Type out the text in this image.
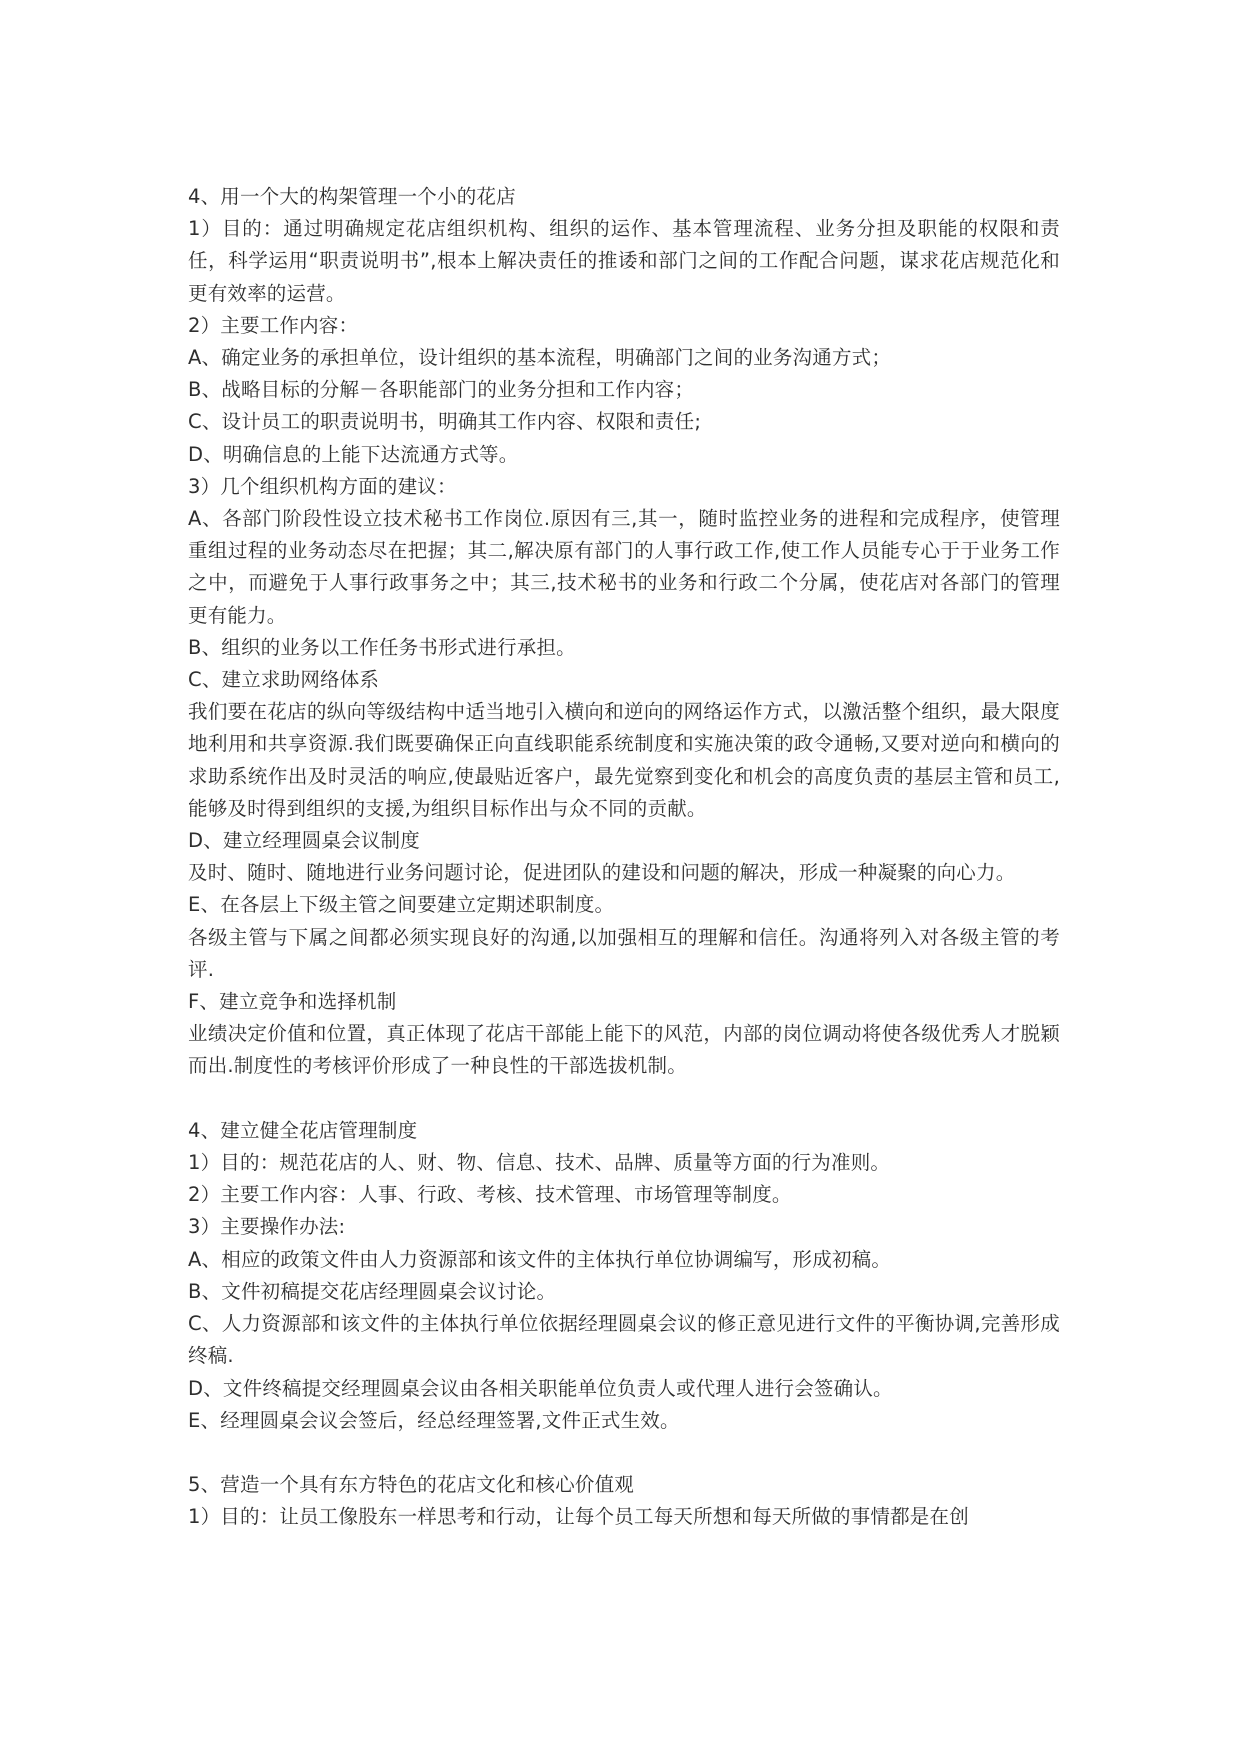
4、用一个大的构架管理一个小的花店

1）目的：通过明确规定花店组织机构、组织的运作、基本管理流程、业务分担及职能的权限和责任，科学运用“职责说明书”,根本上解决责任的推诿和部门之间的工作配合问题，谋求花店规范化和更有效率的运营。

2）主要工作内容：

A、确定业务的承担单位，设计组织的基本流程，明确部门之间的业务沟通方式；

B、战略目标的分解－各职能部门的业务分担和工作内容；

C、设计员工的职责说明书，明确其工作内容、权限和责任;

D、明确信息的上能下达流通方式等。

3）几个组织机构方面的建议：

A、各部门阶段性设立技术秘书工作岗位.原因有三,其一，随时监控业务的进程和完成程序，使管理重组过程的业务动态尽在把握；其二,解决原有部门的人事行政工作,使工作人员能专心于于业务工作之中，而避免于人事行政事务之中；其三,技术秘书的业务和行政二个分属，使花店对各部门的管理更有能力。

B、组织的业务以工作任务书形式进行承担。

C、建立求助网络体系

我们要在花店的纵向等级结构中适当地引入横向和逆向的网络运作方式，以激活整个组织，最大限度地利用和共享资源.我们既要确保正向直线职能系统制度和实施决策的政令通畅,又要对逆向和横向的求助系统作出及时灵活的响应,使最贴近客户，最先觉察到变化和机会的高度负责的基层主管和员工,能够及时得到组织的支援,为组织目标作出与众不同的贡献。

D、建立经理圆桌会议制度

及时、随时、随地进行业务问题讨论，促进团队的建设和问题的解决，形成一种凝聚的向心力。

E、在各层上下级主管之间要建立定期述职制度。

各级主管与下属之间都必须实现良好的沟通,以加强相互的理解和信任。沟通将列入对各级主管的考评.

F、建立竞争和选择机制

业绩决定价值和位置，真正体现了花店干部能上能下的风范，内部的岗位调动将使各级优秀人才脱颖而出.制度性的考核评价形成了一种良性的干部选拔机制。

4、建立健全花店管理制度

1）目的：规范花店的人、财、物、信息、技术、品牌、质量等方面的行为准则。

2）主要工作内容：人事、行政、考核、技术管理、市场管理等制度。

3）主要操作办法:

A、相应的政策文件由人力资源部和该文件的主体执行单位协调编写，形成初稿。

B、文件初稿提交花店经理圆桌会议讨论。

C、人力资源部和该文件的主体执行单位依据经理圆桌会议的修正意见进行文件的平衡协调,完善形成终稿.

D、文件终稿提交经理圆桌会议由各相关职能单位负责人或代理人进行会签确认。

E、经理圆桌会议会签后，经总经理签署,文件正式生效。

5、营造一个具有东方特色的花店文化和核心价值观

1）目的：让员工像股东一样思考和行动，让每个员工每天所想和每天所做的事情都是在创
